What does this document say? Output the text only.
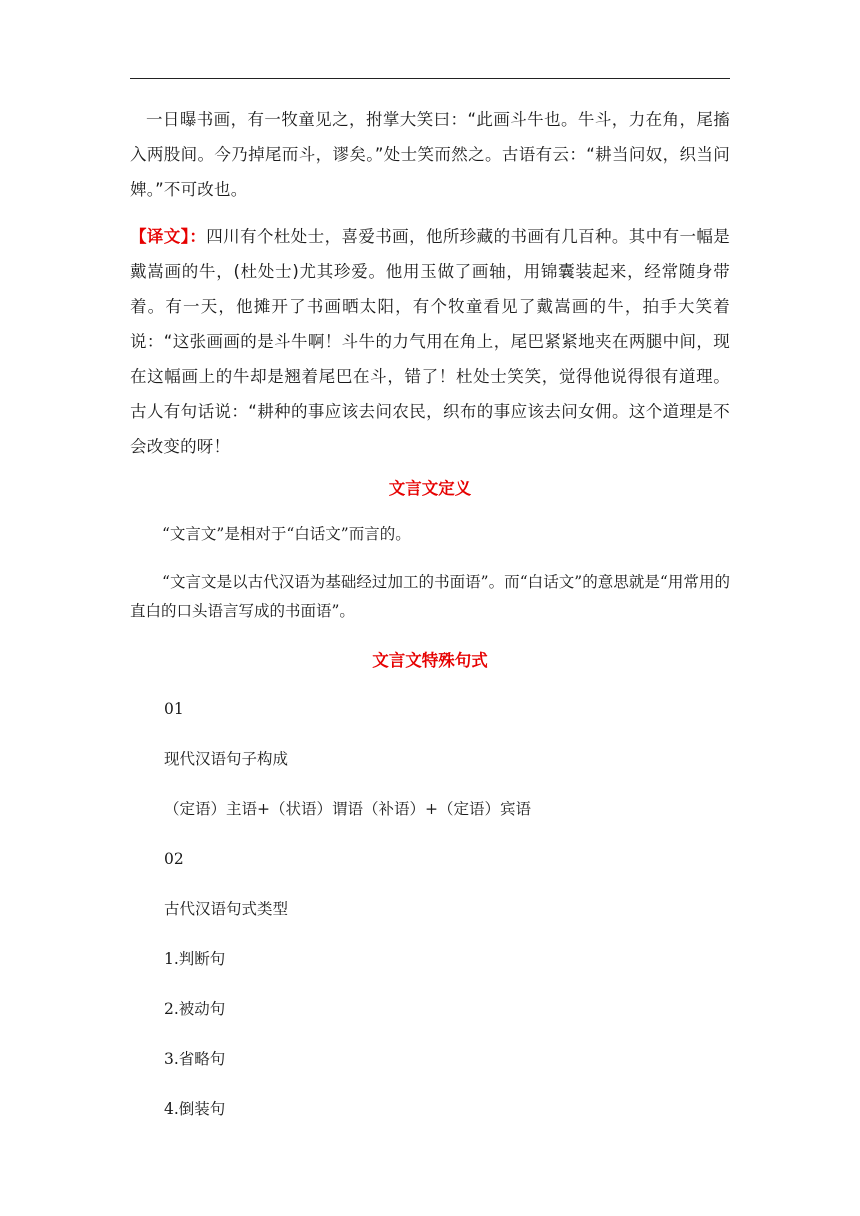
一日曝书画，有一牧童见之，拊掌大笑曰：“此画斗牛也。牛斗，力在角，尾搐入两股间。今乃掉尾而斗，谬矣。”处士笑而然之。古语有云：“耕当问奴，织当问婢。”不可改也。

【译文】：四川有个杜处士，喜爱书画，他所珍藏的书画有几百种。其中有一幅是戴嵩画的牛，(杜处士)尤其珍爱。他用玉做了画轴，用锦囊装起来，经常随身带着。有一天，他摊开了书画晒太阳，有个牧童看见了戴嵩画的牛，拍手大笑着说：“这张画画的是斗牛啊！斗牛的力气用在角上，尾巴紧紧地夹在两腿中间，现在这幅画上的牛却是翘着尾巴在斗，错了！杜处士笑笑，觉得他说得很有道理。古人有句话说：“耕种的事应该去问农民，织布的事应该去问女佣。这个道理是不会改变的呀！

文言文定义

“文言文”是相对于“白话文”而言的。

“文言文是以古代汉语为基础经过加工的书面语”。而“白话文”的意思就是“用常用的直白的口头语言写成的书面语”。

文言文特殊句式

01

现代汉语句子构成

（定语）主语+（状语）谓语（补语）+（定语）宾语

02

古代汉语句式类型

1.判断句

2.被动句

3.省略句

4.倒装句
